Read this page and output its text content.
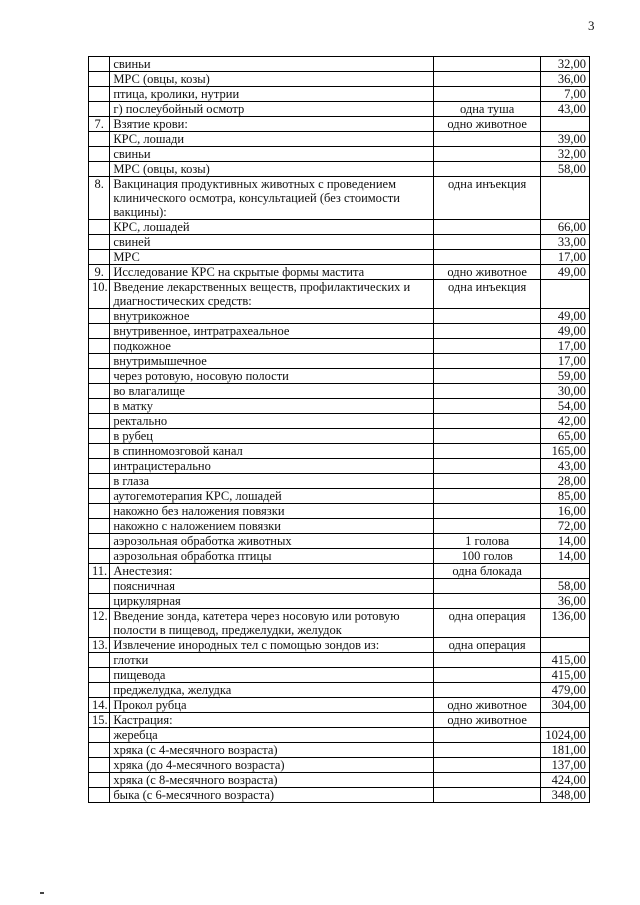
3
	свиньи		32,00
	МРС (овцы, козы)		36,00
	птица, кролики, нутрии		7,00
	г) послеубойный осмотр	одна туша	43,00
7.	Взятие крови:	одно животное	
	КРС, лошади		39,00
	свиньи		32,00
	МРС (овцы, козы)		58,00
8.	Вакцинация продуктивных животных с проведением клинического осмотра, консультацией (без стоимости вакцины):	одна инъекция	
	КРС, лошадей		66,00
	свиней		33,00
	МРС		17,00
9.	Исследование КРС на скрытые формы мастита	одно животное	49,00
10.	Введение лекарственных веществ, профилактических и диагностических средств:	одна инъекция	
	внутрикожное		49,00
	внутривенное, интратрахеальное		49,00
	подкожное		17,00
	внутримышечное		17,00
	через ротовую, носовую полости		59,00
	во влагалище		30,00
	в матку		54,00
	ректально		42,00
	в рубец		65,00
	в спинномозговой канал		165,00
	интрацистерально		43,00
	в глаза		28,00
	аутогемотерапия КРС, лошадей		85,00
	накожно без наложения повязки		16,00
	накожно с наложением повязки		72,00
	аэрозольная обработка животных	1 голова	14,00
	аэрозольная обработка птицы	100 голов	14,00
11.	Анестезия:	одна блокада	
	поясничная		58,00
	циркулярная		36,00
12.	Введение зонда, катетера через носовую или ротовую полости в пищевод, преджелудки, желудок	одна операция	136,00
13.	Извлечение инородных тел с помощью зондов из:	одна операция	
	глотки		415,00
	пищевода		415,00
	преджелудка, желудка		479,00
14.	Прокол рубца	одно животное	304,00
15.	Кастрация:	одно животное	
	жеребца		1024,00
	хряка (с 4-месячного возраста)		181,00
	хряка (до 4-месячного возраста)		137,00
	хряка (с 8-месячного возраста)		424,00
	быка (с 6-месячного возраста)		348,00
